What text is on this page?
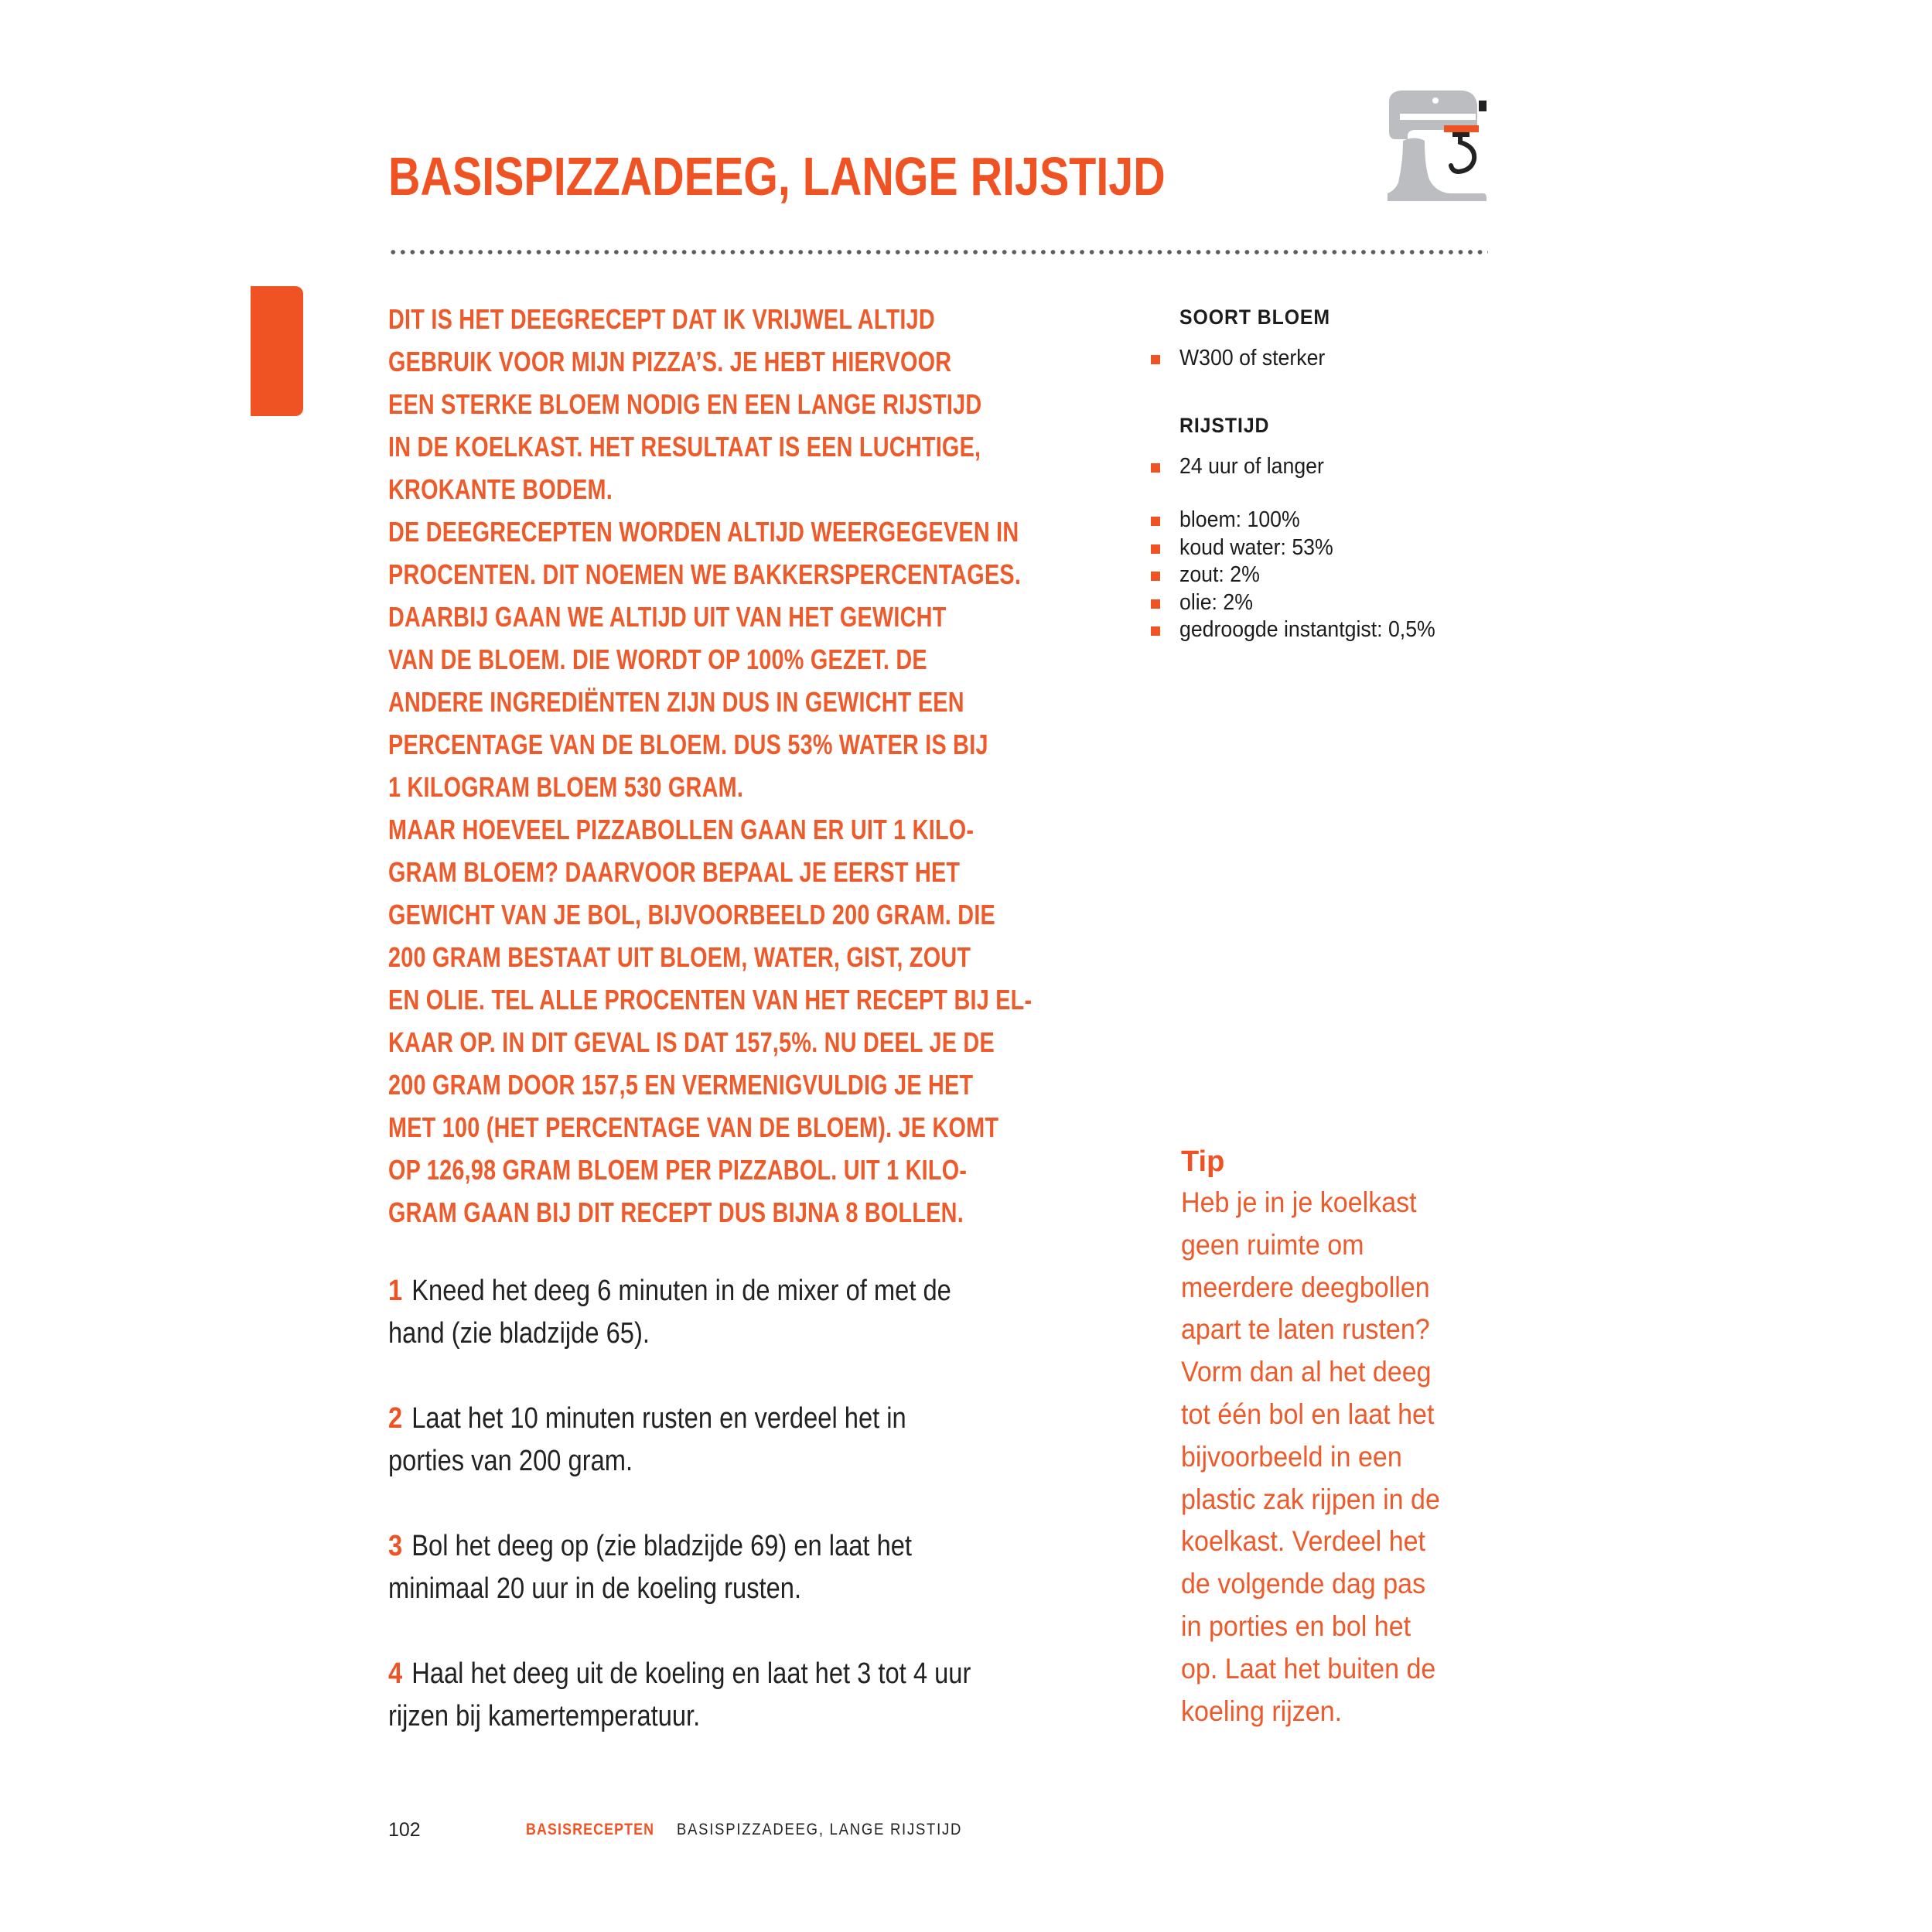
BASISPIZZADEEG, LANGE RIJSTIJD
DIT IS HET DEEGRECEPT DAT IK VRIJWEL ALTIJD
GEBRUIK VOOR MIJN PIZZA’S. JE HEBT HIERVOOR
EEN STERKE BLOEM NODIG EN EEN LANGE RIJSTIJD
IN DE KOELKAST. HET RESULTAAT IS EEN LUCHTIGE,
KROKANTE BODEM.
DE DEEGRECEPTEN WORDEN ALTIJD WEERGEGEVEN IN
PROCENTEN. DIT NOEMEN WE BAKKERSPERCENTAGES.
DAARBIJ GAAN WE ALTIJD UIT VAN HET GEWICHT
VAN DE BLOEM. DIE WORDT OP 100% GEZET. DE
ANDERE INGREDIËNTEN ZIJN DUS IN GEWICHT EEN
PERCENTAGE VAN DE BLOEM. DUS 53% WATER IS BIJ
1 KILOGRAM BLOEM 530 GRAM.
MAAR HOEVEEL PIZZABOLLEN GAAN ER UIT 1 KILO-
GRAM BLOEM? DAARVOOR BEPAAL JE EERST HET
GEWICHT VAN JE BOL, BIJVOORBEELD 200 GRAM. DIE
200 GRAM BESTAAT UIT BLOEM, WATER, GIST, ZOUT
EN OLIE. TEL ALLE PROCENTEN VAN HET RECEPT BIJ EL-
KAAR OP. IN DIT GEVAL IS DAT 157,5%. NU DEEL JE DE
200 GRAM DOOR 157,5 EN VERMENIGVULDIG JE HET
MET 100 (HET PERCENTAGE VAN DE BLOEM). JE KOMT
OP 126,98 GRAM BLOEM PER PIZZABOL. UIT 1 KILO-
GRAM GAAN BIJ DIT RECEPT DUS BIJNA 8 BOLLEN.
1 Kneed het deeg 6 minuten in de mixer of met de
hand (zie bladzijde 65).
2 Laat het 10 minuten rusten en verdeel het in
porties van 200 gram.
3 Bol het deeg op (zie bladzijde 69) en laat het
minimaal 20 uur in de koeling rusten.
4 Haal het deeg uit de koeling en laat het 3 tot 4 uur
rijzen bij kamertemperatuur.
SOORT BLOEM
W300 of sterker
RIJSTIJD
24 uur of langer
bloem: 100%
koud water: 53%
zout: 2%
olie: 2%
gedroogde instantgist: 0,5%
Tip
Heb je in je koelkast
geen ruimte om
meerdere deegbollen
apart te laten rusten?
Vorm dan al het deeg
tot één bol en laat het
bijvoorbeeld in een
plastic zak rijpen in de
koelkast. Verdeel het
de volgende dag pas
in porties en bol het
op. Laat het buiten de
koeling rijzen.
102	BASISRECEPTEN BASISPIZZADEEG, LANGE RIJSTIJD
